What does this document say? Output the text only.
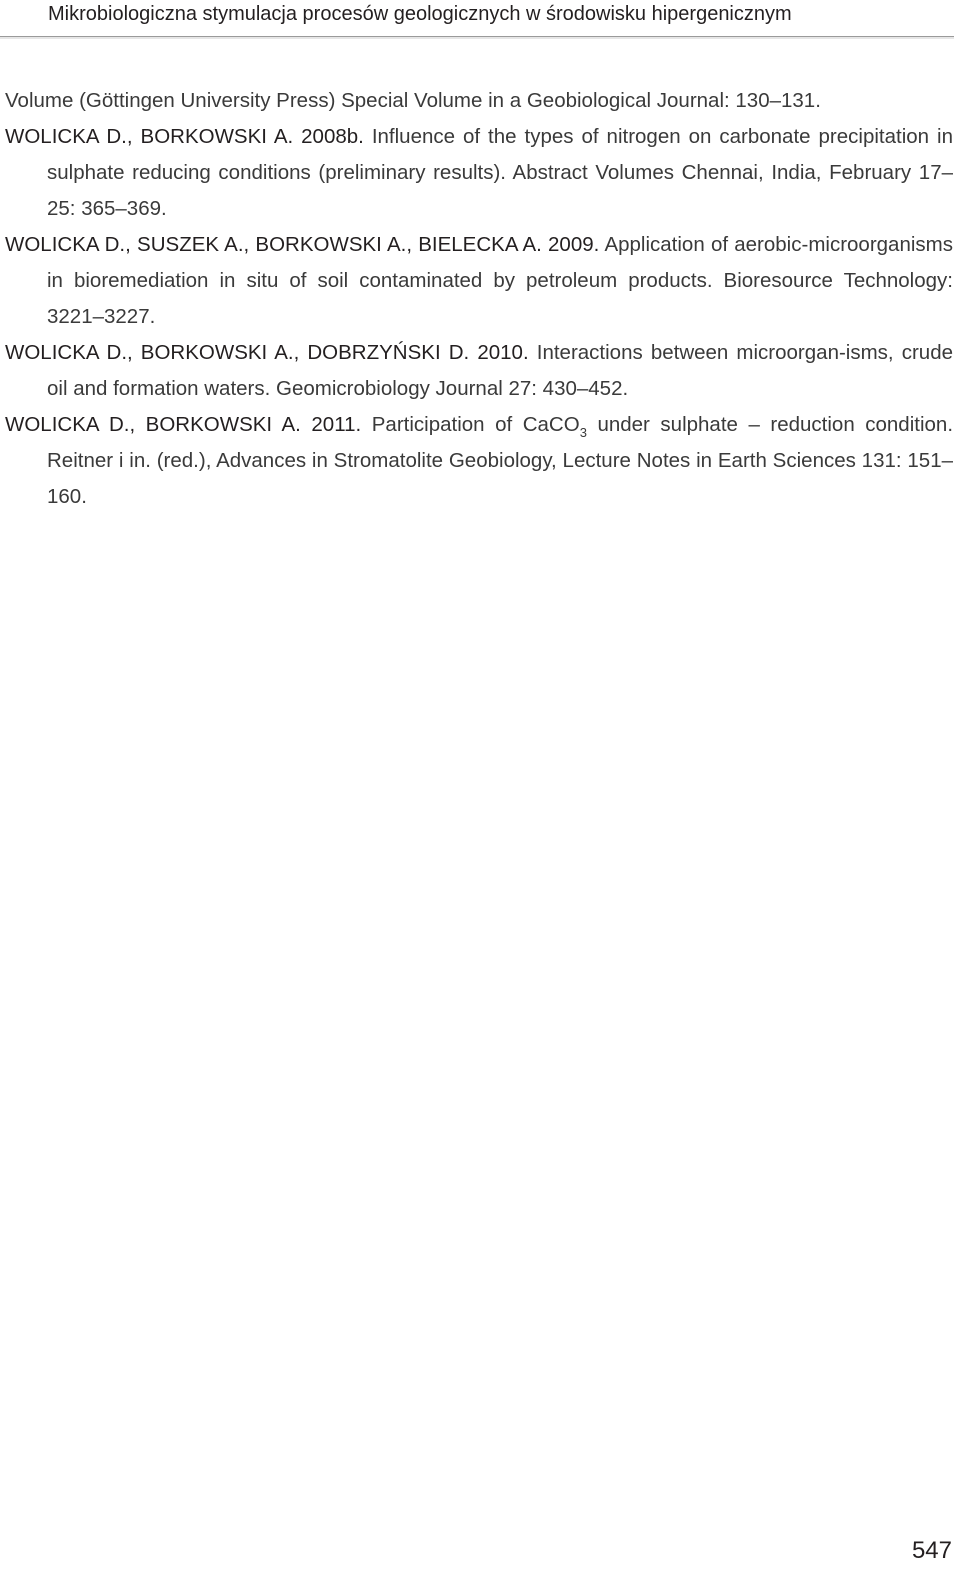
Mikrobiologiczna stymulacja procesów geologicznych w środowisku hipergenicznym

Volume (Göttingen University Press) Special Volume in a Geobiological Journal: 130–131.

WOLICKA D., BORKOWSKI A. 2008b. Influence of the types of nitrogen on carbonate precipitation in sulphate reducing conditions (preliminary results). Abstract Volumes Chennai, India, February 17–25: 365–369.

WOLICKA D., SUSZEK A., BORKOWSKI A., BIELECKA A. 2009. Application of aerobic-microorganisms in bioremediation in situ of soil contaminated by petroleum products. Bioresource Technology: 3221–3227.

WOLICKA D., BORKOWSKI A., DOBRZYŃSKI D. 2010. Interactions between microorgan-isms, crude oil and formation waters. Geomicrobiology Journal 27: 430–452.

WOLICKA D., BORKOWSKI A. 2011. Participation of CaCO$_3$ under sulphate – reduction condition. Reitner i in. (red.), Advances in Stromatolite Geobiology, Lecture Notes in Earth Sciences 131: 151–160.

547
